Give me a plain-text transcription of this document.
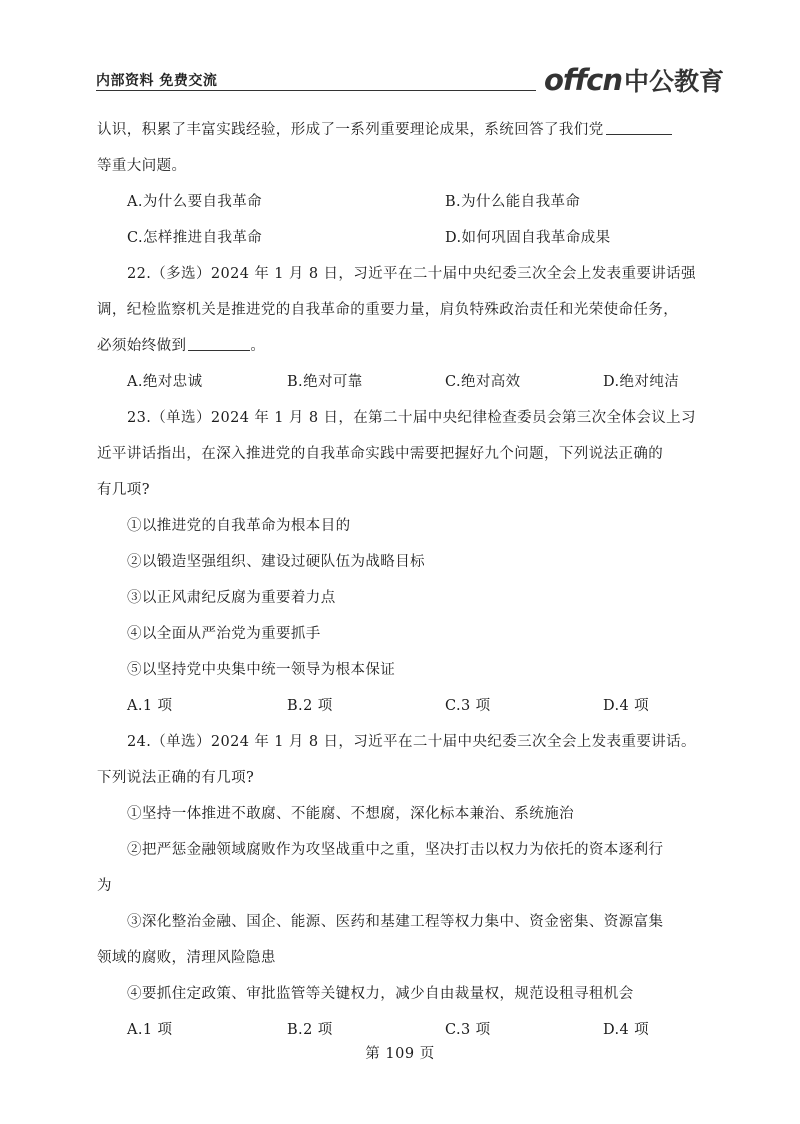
内部资料 免费交流	offcn中公教育
认识，积累了丰富实践经验，形成了一系列重要理论成果，系统回答了我们党
等重大问题。
A.为什么要自我革命	B.为什么能自我革命
C.怎样推进自我革命	D.如何巩固自我革命成果
22.（多选）2024 年 1 月 8 日，习近平在二十届中央纪委三次全会上发表重要讲话强
调，纪检监察机关是推进党的自我革命的重要力量，肩负特殊政治责任和光荣使命任务，
必须始终做到	。
A.绝对忠诚	B.绝对可靠	C.绝对高效	D.绝对纯洁
23.（单选）2024 年 1 月 8 日，在第二十届中央纪律检查委员会第三次全体会议上习
近平讲话指出，在深入推进党的自我革命实践中需要把握好九个问题，下列说法正确的
有几项?
①以推进党的自我革命为根本目的
②以锻造坚强组织、建设过硬队伍为战略目标
③以正风肃纪反腐为重要着力点
④以全面从严治党为重要抓手
⑤以坚持党中央集中统一领导为根本保证
A.1 项	B.2 项	C.3 项	D.4 项
24.（单选）2024 年 1 月 8 日，习近平在二十届中央纪委三次全会上发表重要讲话。
下列说法正确的有几项?
①坚持一体推进不敢腐、不能腐、不想腐，深化标本兼治、系统施治
②把严惩金融领域腐败作为攻坚战重中之重，坚决打击以权力为依托的资本逐利行
为
③深化整治金融、国企、能源、医药和基建工程等权力集中、资金密集、资源富集
领域的腐败，清理风险隐患
④要抓住定政策、审批监管等关键权力，减少自由裁量权，规范设租寻租机会
A.1 项	B.2 项	C.3 项	D.4 项
第 109 页
